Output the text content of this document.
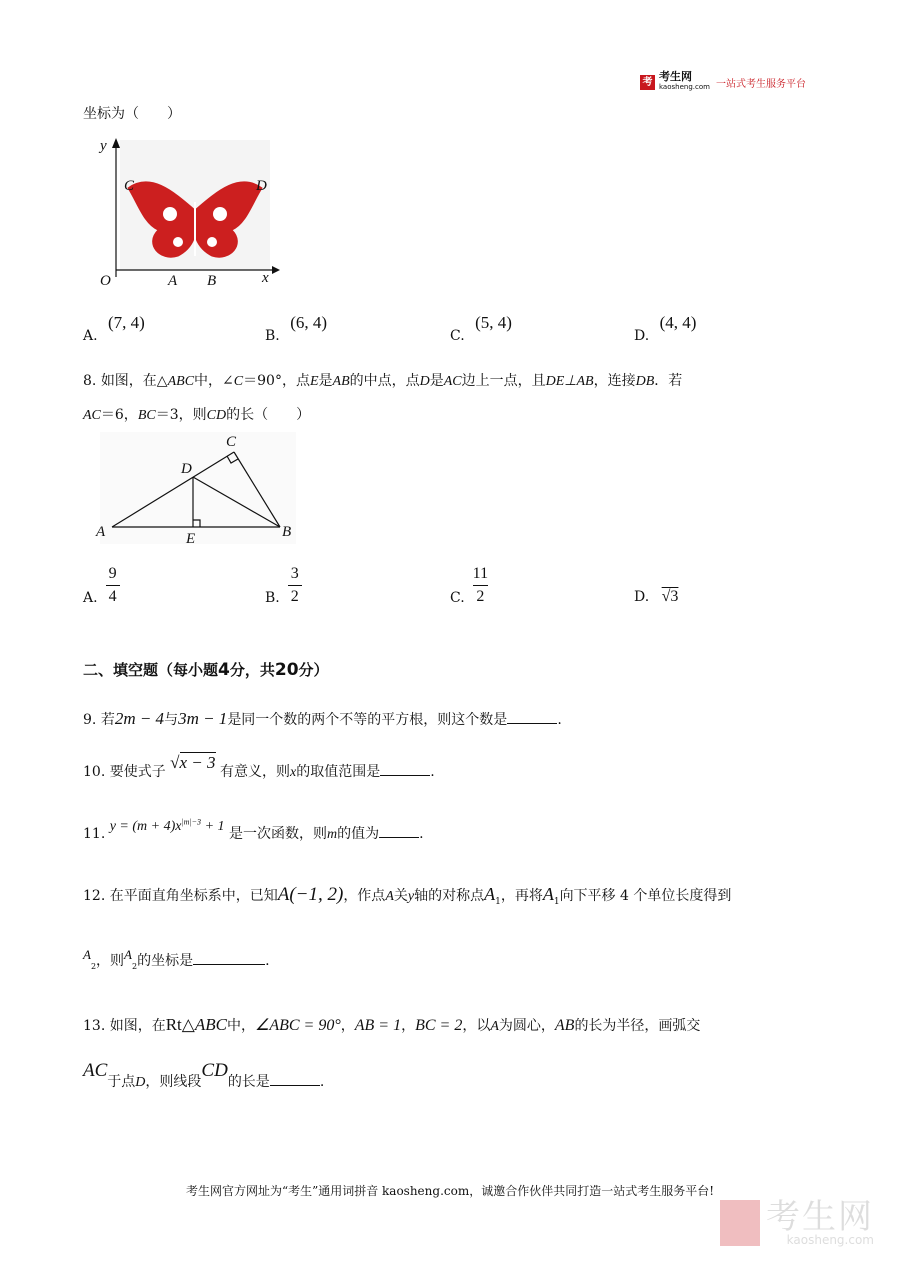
考 考生网
kaosheng.com 一站式考生服务平台
坐标为（　　）
C	D
y
x
O	A B
A. (7, 4)
B. (6, 4)
C. (5, 4)
D. (4, 4)
8. 如图，在△ABC中，∠C＝90°，点E是AB的中点，点D是AC边上一点，且DE⊥AB，连接DB．若
AC＝6，BC＝3，则CD的长（　　）
A	B
C
D
E
A. $\frac{9}{4}$	B. $\frac{3}{2}$	C. $\frac{11}{2}$	D. √3
二、填空题（每小题4分，共20分）
9. 若2m − 4与3m − 1是同一个数的两个不等的平方根，则这个数是	.
10. 要使式子 √x − 3 有意义，则x的取值范围是	.
11. $y = (m + 4)x^{|m|-3} + 1$ 是一次函数，则m的值为	.
12. 在平面直角坐标系中，已知A(−1, 2)，作点A关y轴的对称点$A_1$，再将$A_1$向下平移 4 个单位长度得到
$A_2$，则$A_2$的坐标是	.
13. 如图，在Rt△ABC中，∠ABC = 90°，AB = 1，BC = 2，以A为圆心，AB的长为半径，画弧交
AC于点D，则线段CD的长是	.
考生网官方网址为“考生”通用词拼音 kaosheng.com，诚邀合作伙伴共同打造一站式考生服务平台!
考生网
kaosheng.com
